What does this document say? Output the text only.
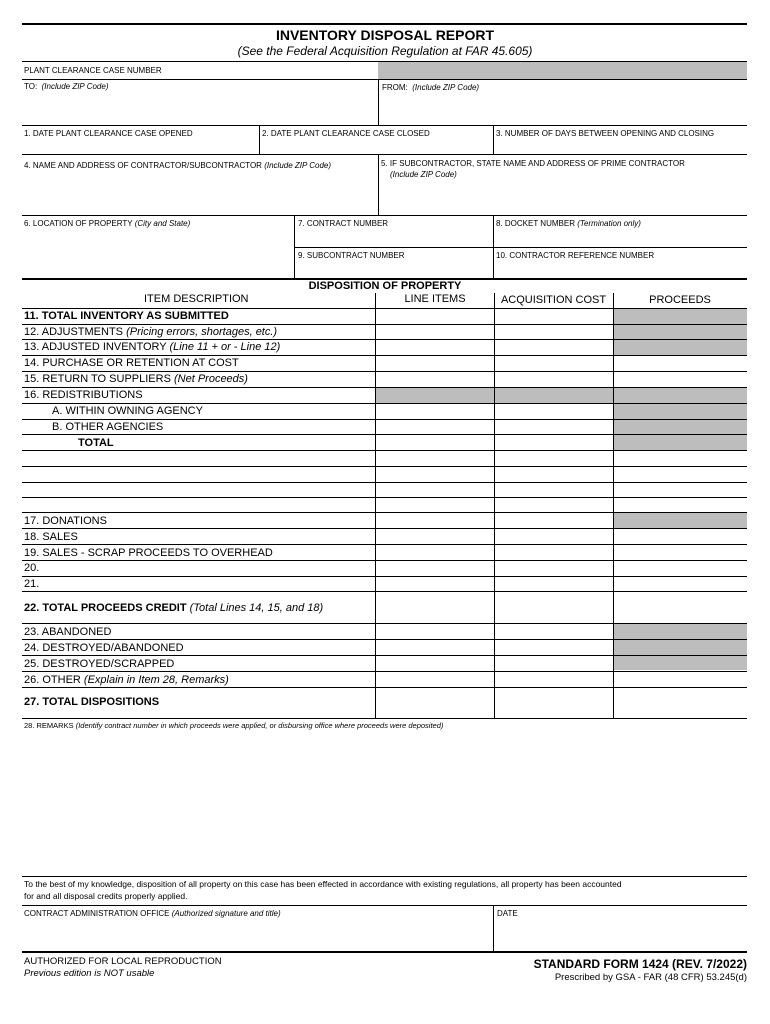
INVENTORY DISPOSAL REPORT
(See the Federal Acquisition Regulation at FAR 45.605)
PLANT CLEARANCE CASE NUMBER
TO: (Include ZIP Code)	FROM: (Include ZIP Code)
1. DATE PLANT CLEARANCE CASE OPENED	2. DATE PLANT CLEARANCE CASE CLOSED	3. NUMBER OF DAYS BETWEEN OPENING AND CLOSING
4. NAME AND ADDRESS OF CONTRACTOR/SUBCONTRACTOR (Include ZIP Code)	5. IF SUBCONTRACTOR, STATE NAME AND ADDRESS OF PRIME CONTRACTOR
(Include ZIP Code)
6. LOCATION OF PROPERTY (City and State)	7. CONTRACT NUMBER	8. DOCKET NUMBER (Termination only)
9. SUBCONTRACT NUMBER	10. CONTRACTOR REFERENCE NUMBER
DISPOSITION OF PROPERTY
ITEM DESCRIPTION	LINE ITEMS	ACQUISITION COST	PROCEEDS
11. TOTAL INVENTORY AS SUBMITTED
12. ADJUSTMENTS (Pricing errors, shortages, etc.)
13. ADJUSTED INVENTORY (Line 11 + or - Line 12)
14. PURCHASE OR RETENTION AT COST
15. RETURN TO SUPPLIERS (Net Proceeds)
16. REDISTRIBUTIONS
A. WITHIN OWNING AGENCY
B. OTHER AGENCIES
TOTAL
17. DONATIONS
18. SALES
19. SALES - SCRAP PROCEEDS TO OVERHEAD
20.
21.
22. TOTAL PROCEEDS CREDIT (Total Lines 14, 15, and 18)
23. ABANDONED
24. DESTROYED/ABANDONED
25. DESTROYED/SCRAPPED
26. OTHER (Explain in Item 28, Remarks)
27. TOTAL DISPOSITIONS
28. REMARKS (Identify contract number in which proceeds were applied, or disbursing office where proceeds were deposited)
To the best of my knowledge, disposition of all property on this case has been effected in accordance with existing regulations, all property has been accounted
for and all disposal credits properly applied.
CONTRACT ADMINISTRATION OFFICE (Authorized signature and title)	DATE
AUTHORIZED FOR LOCAL REPRODUCTION
Previous edition is NOT usable
STANDARD FORM 1424 (REV. 7/2022)
Prescribed by GSA - FAR (48 CFR) 53.245(d)
